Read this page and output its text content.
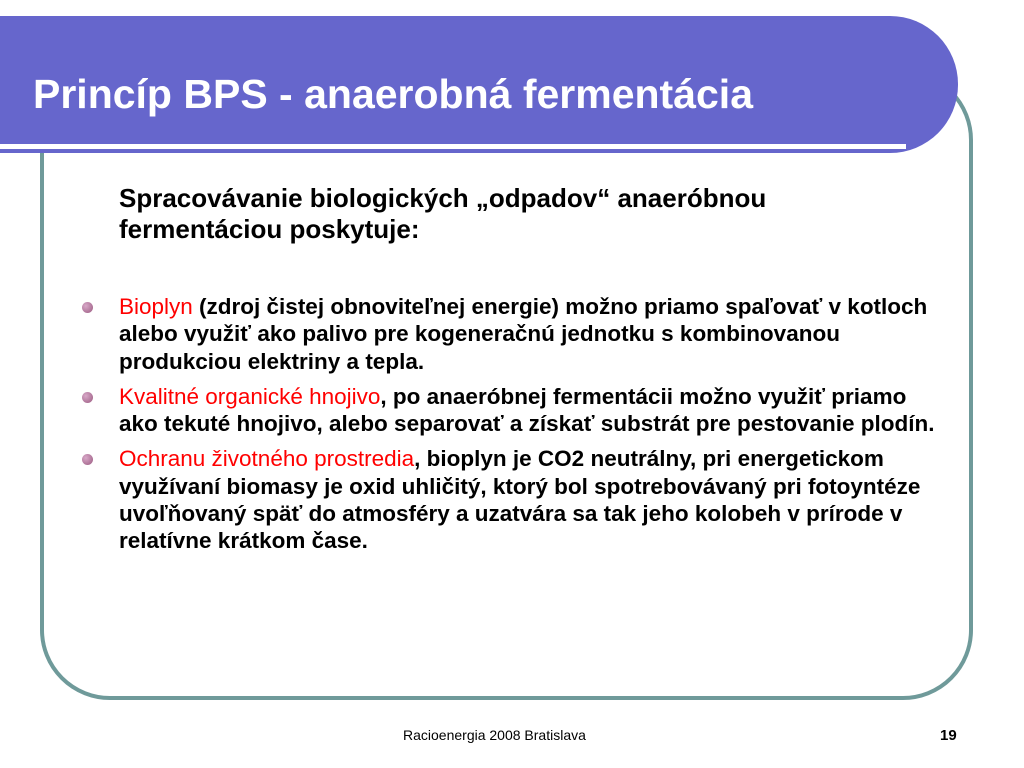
Princíp BPS - anaerobná fermentácia

Spracovávanie biologických „odpadov“ anaeróbnou fermentáciou poskytuje:

Bioplyn (zdroj čistej obnoviteľnej energie) možno priamo spaľovať v kotloch alebo využiť ako palivo pre kogeneračnú jednotku s kombinovanou produkciou elektriny a tepla.
Kvalitné organické hnojivo, po anaeróbnej fermentácii možno využiť priamo ako tekuté hnojivo, alebo separovať a získať substrát pre pestovanie plodín.
Ochranu životného prostredia, bioplyn je CO2 neutrálny, pri energetickom využívaní biomasy je oxid uhličitý, ktorý bol spotrebovávaný pri fotoyntéze uvoľňovaný späť do atmosféry a uzatvára sa tak jeho kolobeh v prírode v relatívne krátkom čase.
Racioenergia 2008 Bratislava	19
